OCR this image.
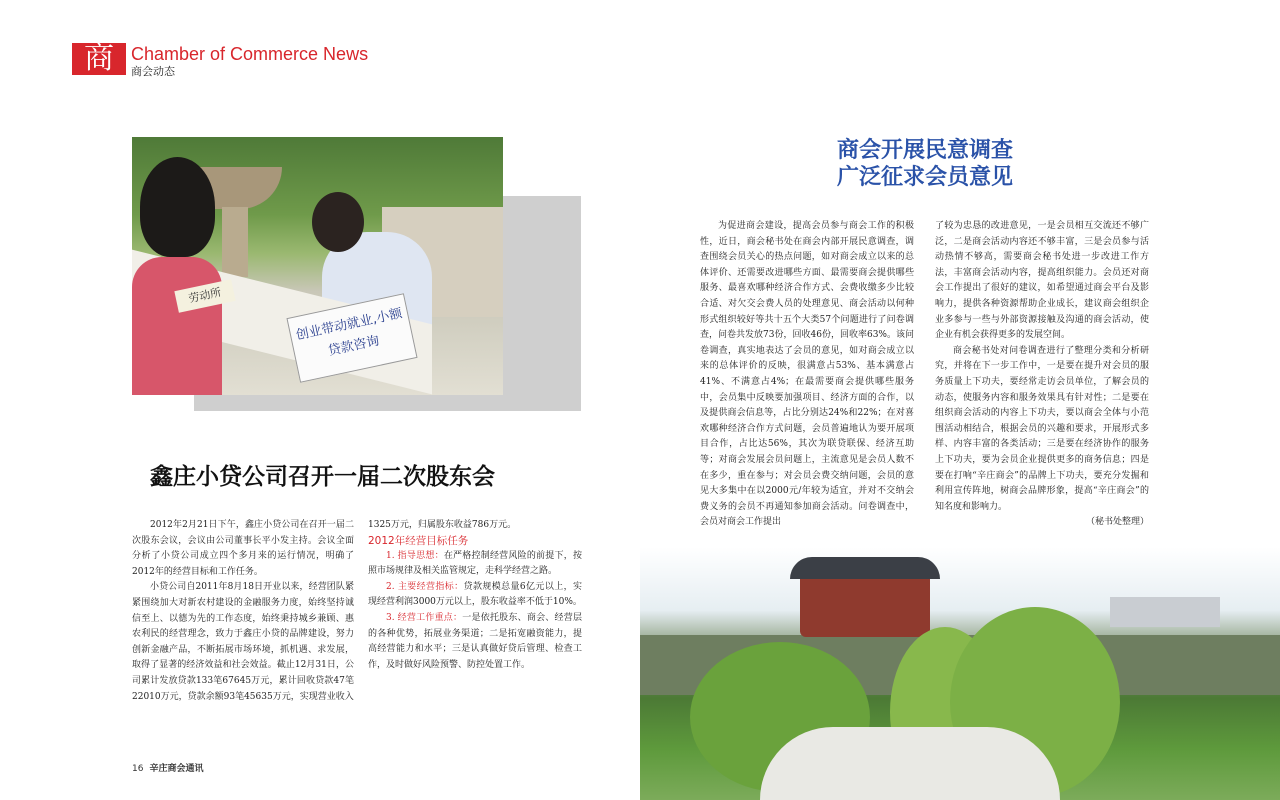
商 Chamber of Commerce News
商会动态
劳动所
创业带动就业,小额贷款咨询
鑫庄小贷公司召开一届二次股东会

2012年2月21日下午，鑫庄小贷公司在召开一届二次股东会议，会议由公司董事长平小发主持。会议全面分析了小贷公司成立四个多月来的运行情况，明确了2012年的经营目标和工作任务。

小贷公司自2011年8月18日开业以来，经营团队紧紧围绕加大对新农村建设的金融服务力度，始终坚持诚信至上、以德为先的工作态度，始终秉持城乡兼顾、惠农利民的经营理念，致力于鑫庄小贷的品牌建设，努力创新金融产品，不断拓展市场环境，抓机遇、求发展，取得了显著的经济效益和社会效益。截止12月31日，公司累计发放贷款133笔67645万元，累计回收贷款47笔22010万元，贷款余额93笔45635万元，实现营业收入

1325万元，归属股东收益786万元。

2012年经营目标任务

1. 指导思想：在严格控制经营风险的前提下，按照市场规律及相关监管规定，走科学经营之路。

2. 主要经营指标：贷款规模总量6亿元以上，实现经营利润3000万元以上，股东收益率不低于10%。

3. 经营工作重点：一是依托股东、商会、经营层的各种优势，拓展业务渠道；二是拓宽融资能力，提高经营能力和水平；三是认真做好贷后管理、检查工作，及时做好风险预警、防控处置工作。

商会开展民意调查
广泛征求会员意见

为促进商会建设，提高会员参与商会工作的积极性，近日，商会秘书处在商会内部开展民意调查，调查围绕会员关心的热点问题，如对商会成立以来的总体评价、还需要改进哪些方面、最需要商会提供哪些服务、最喜欢哪种经济合作方式、会费收缴多少比较合适、对欠交会费人员的处理意见、商会活动以何种形式组织较好等共十五个大类57个问题进行了问卷调查，问卷共发放73份，回收46份，回收率63%。该问卷调查，真实地表达了会员的意见，如对商会成立以来的总体评价的反映，很满意占53%、基本满意占41%、不满意占4%；在最需要商会提供哪些服务中，会员集中反映要加强项目、经济方面的合作，以及提供商会信息等，占比分别达24%和22%；在对喜欢哪种经济合作方式问题，会员普遍地认为要开展项目合作，占比达56%，其次为联贷联保、经济互助等；对商会发展会员问题上，主流意见是会员人数不在多少，重在参与；对会员会费交纳问题，会员的意见大多集中在以2000元/年较为适宜，并对不交纳会费义务的会员不再通知参加商会活动。问卷调查中，会员对商会工作提出

了较为忠恳的改进意见，一是会员相互交流还不够广泛，二是商会活动内容还不够丰富，三是会员参与活动热情不够高，需要商会秘书处进一步改进工作方法，丰富商会活动内容，提高组织能力。会员还对商会工作提出了很好的建议，如希望通过商会平台及影响力，提供各种资源帮助企业成长，建议商会组织企业多参与一些与外部资源接触及沟通的商会活动，使企业有机会获得更多的发展空间。

商会秘书处对问卷调查进行了整理分类和分析研究，并将在下一步工作中，一是要在提升对会员的服务质量上下功夫，要经常走访会员单位，了解会员的动态，使服务内容和服务效果具有针对性；二是要在组织商会活动的内容上下功夫，要以商会全体与小范围活动相结合，根据会员的兴趣和要求，开展形式多样、内容丰富的各类活动；三是要在经济协作的服务上下功夫，要为会员企业提供更多的商务信息；四是要在打响“辛庄商会”的品牌上下功夫，要充分发掘和利用宣传阵地，树商会品牌形象，提高“辛庄商会”的知名度和影响力。

（秘书处整理）
16 辛庄商会通讯
